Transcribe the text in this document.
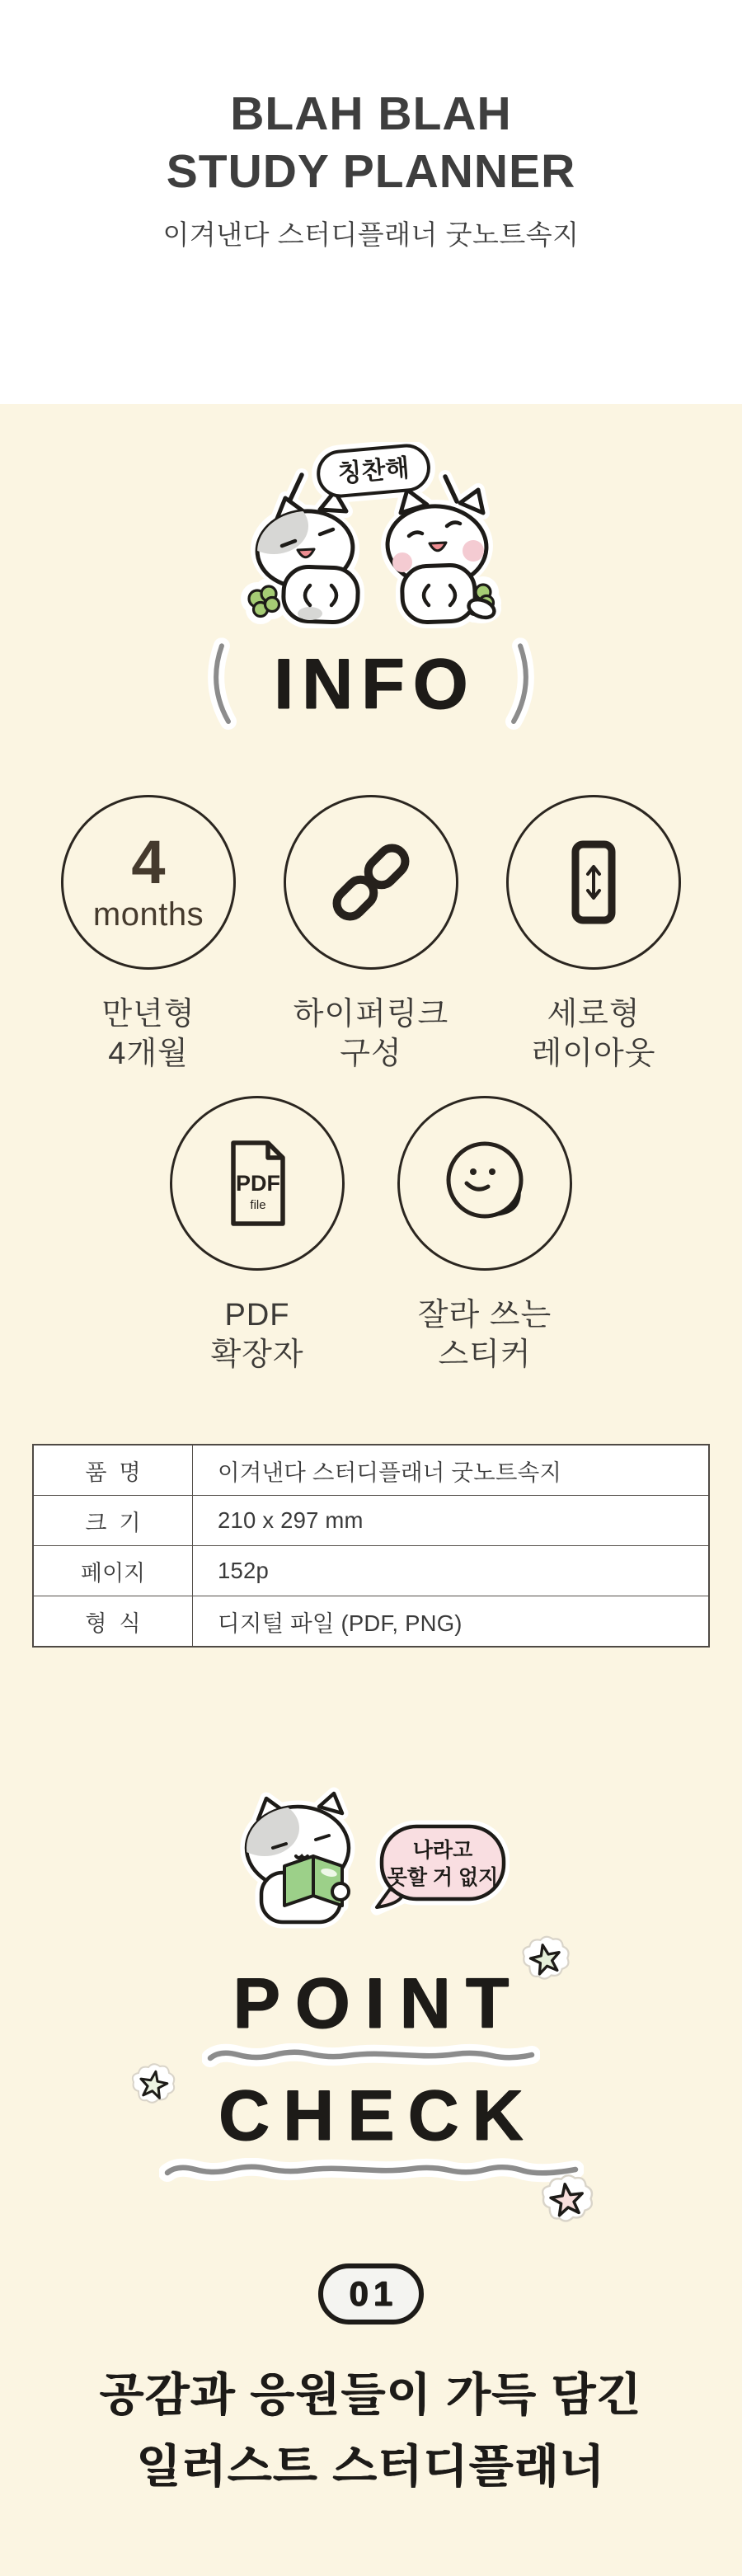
BLAH BLAH
STUDY PLANNER
이겨낸다 스터디플래너 굿노트속지
칭찬해
INFO
4
months
만년형
4개월
하이퍼링크
구성
세로형
레이아웃
PDF
file
PDF
확장자
잘라 쓰는
스티커
품  명	이겨낸다 스터디플래너 굿노트속지
크  기	210 x 297 mm
페이지	152p
형  식	디지털 파일 (PDF, PNG)
나라고
못할 거 없지
POINT
CHECK
01
공감과 응원들이 가득 담긴
일러스트 스터디플래너
